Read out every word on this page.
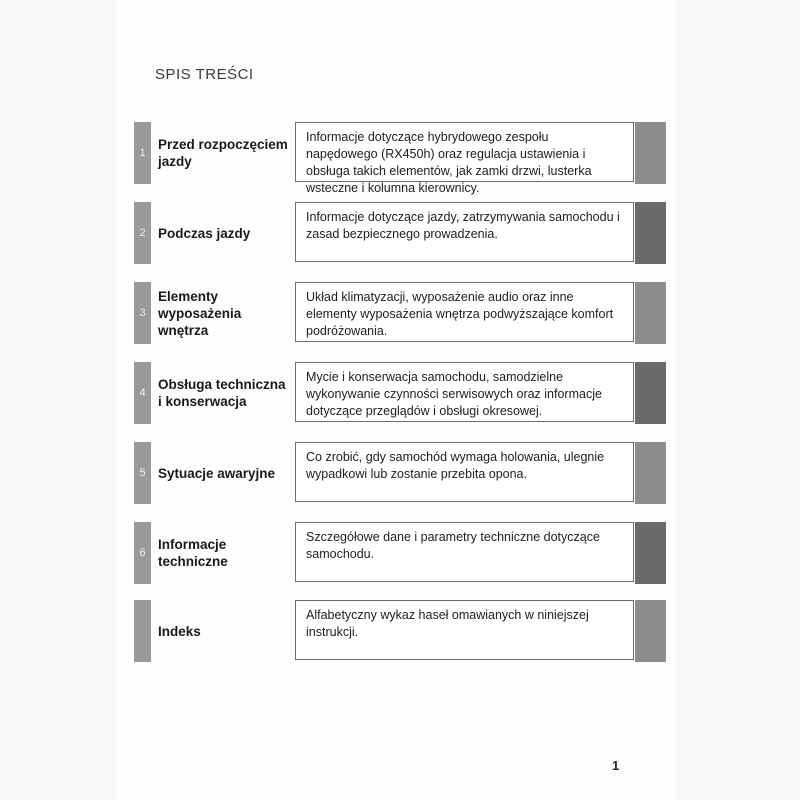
SPIS TREŚCI
1
Przed rozpoczęciem jazdy
Informacje dotyczące hybrydowego zespołu napędowego (RX450h) oraz regulacja ustawienia i obsługa takich elementów, jak zamki drzwi, lusterka wsteczne i kolumna kierownicy.
2 Podczas jazdy
Informacje dotyczące jazdy, zatrzymywania samochodu i zasad bezpiecznego prowadzenia.
3
Elementy wyposażenia wnętrza
Układ klimatyzacji, wyposażenie audio oraz inne elementy wyposażenia wnętrza podwyższające komfort podróżowania.
4
Obsługa techniczna i konserwacja
Mycie i konserwacja samochodu, samodzielne wykonywanie czynności serwisowych oraz informacje dotyczące przeglądów i obsługi okresowej.
5 Sytuacje awaryjne
Co zrobić, gdy samochód wymaga holowania, ulegnie wypadkowi lub zostanie przebita opona.
6
Informacje techniczne
Szczegółowe dane i parametry techniczne dotyczące samochodu.
Indeks
Alfabetyczny wykaz haseł omawianych w niniejszej instrukcji.
1
